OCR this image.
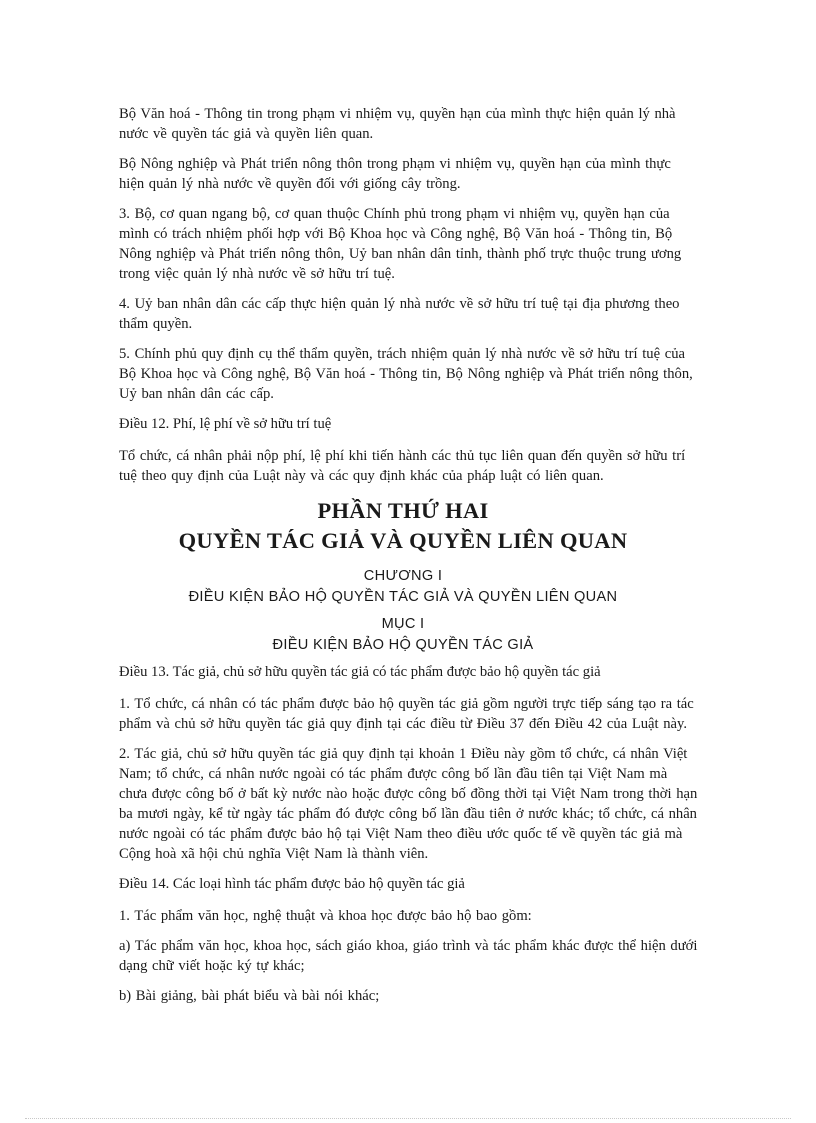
Bộ Văn hoá - Thông tin trong phạm vi nhiệm vụ, quyền hạn của mình thực hiện quản lý nhà nước về quyền tác giả và quyền liên quan.

Bộ Nông nghiệp và Phát triển nông thôn trong phạm vi nhiệm vụ, quyền hạn của mình thực hiện quản lý nhà nước về quyền đối với giống cây trồng.

3. Bộ, cơ quan ngang bộ, cơ quan thuộc Chính phủ trong phạm vi nhiệm vụ, quyền hạn của mình có trách nhiệm phối hợp với Bộ Khoa học và Công nghệ, Bộ Văn hoá - Thông tin, Bộ Nông nghiệp và Phát triển nông thôn, Uỷ ban nhân dân tỉnh, thành phố trực thuộc trung ương trong việc quản lý nhà nước về sở hữu trí tuệ.

4. Uỷ ban nhân dân các cấp thực hiện quản lý nhà nước về sở hữu trí tuệ tại địa phương theo thẩm quyền.

5. Chính phủ quy định cụ thể thẩm quyền, trách nhiệm quản lý nhà nước về sở hữu trí tuệ của Bộ Khoa học và Công nghệ, Bộ Văn hoá - Thông tin, Bộ Nông nghiệp và Phát triển nông thôn, Uỷ ban nhân dân các cấp.

Điều 12. Phí, lệ phí về sở hữu trí tuệ

Tổ chức, cá nhân phải nộp phí, lệ phí khi tiến hành các thủ tục liên quan đến quyền sở hữu trí tuệ theo quy định của Luật này và các quy định khác của pháp luật có liên quan.

PHẦN THỨ HAI
QUYỀN TÁC GIẢ VÀ QUYỀN LIÊN QUAN
CHƯƠNG I
ĐIỀU KIỆN BẢO HỘ QUYỀN TÁC GIẢ VÀ QUYỀN LIÊN QUAN
MỤC I
ĐIỀU KIỆN BẢO HỘ QUYỀN TÁC GIẢ

Điều 13. Tác giả, chủ sở hữu quyền tác giả có tác phẩm được bảo hộ quyền tác giả

1. Tổ chức, cá nhân có tác phẩm được bảo hộ quyền tác giả gồm người trực tiếp sáng tạo ra tác phẩm và chủ sở hữu quyền tác giả quy định tại các điều từ Điều 37 đến Điều 42 của Luật này.

2. Tác giả, chủ sở hữu quyền tác giả quy định tại khoản 1 Điều này gồm tổ chức, cá nhân Việt Nam; tổ chức, cá nhân nước ngoài có tác phẩm được công bố lần đầu tiên tại Việt Nam mà chưa được công bố ở bất kỳ nước nào hoặc được công bố đồng thời tại Việt Nam trong thời hạn ba mươi ngày, kể từ ngày tác phẩm đó được công bố lần đầu tiên ở nước khác; tổ chức, cá nhân nước ngoài có tác phẩm được bảo hộ tại Việt Nam theo điều ước quốc tế về quyền tác giả mà Cộng hoà xã hội chủ nghĩa Việt Nam là thành viên.

Điều 14. Các loại hình tác phẩm được bảo hộ quyền tác giả

1. Tác phẩm văn học, nghệ thuật và khoa học được bảo hộ bao gồm:

a) Tác phẩm văn học, khoa học, sách giáo khoa, giáo trình và tác phẩm khác được thể hiện dưới dạng chữ viết hoặc ký tự khác;

b) Bài giảng, bài phát biểu và bài nói khác;
